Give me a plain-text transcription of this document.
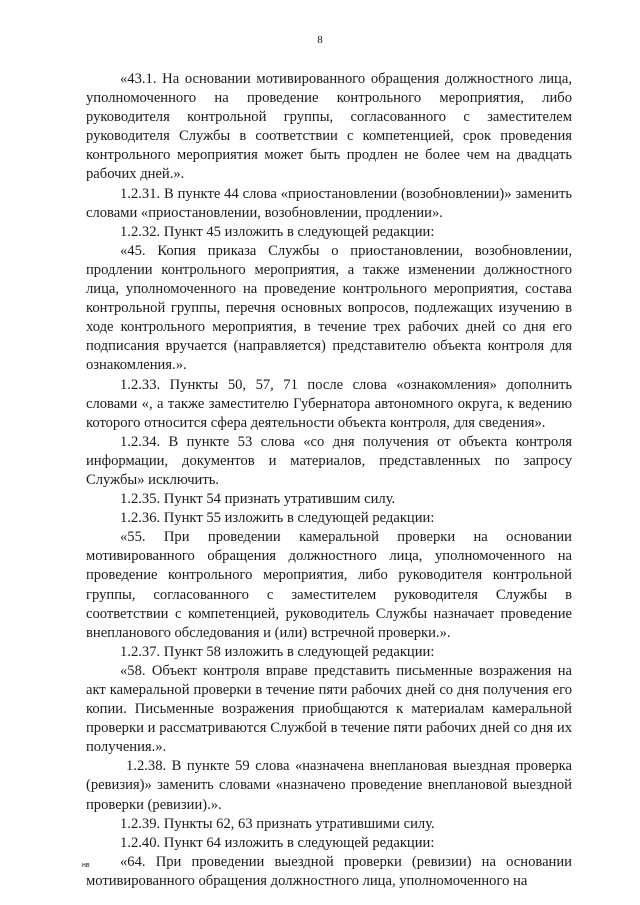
8

«43.1. На основании мотивированного обращения должностного лица, уполномоченного на проведение контрольного мероприятия, либо руководителя контрольной группы, согласованного с заместителем руководителя Службы в соответствии с компетенцией, срок проведения контрольного мероприятия может быть продлен не более чем на двадцать рабочих дней.».

1.2.31. В пункте 44 слова «приостановлении (возобновлении)» заменить словами «приостановлении, возобновлении, продлении».

1.2.32. Пункт 45 изложить в следующей редакции:

«45. Копия приказа Службы о приостановлении, возобновлении, продлении контрольного мероприятия, а также изменении должностного лица, уполномоченного на проведение контрольного мероприятия, состава контрольной группы, перечня основных вопросов, подлежащих изучению в ходе контрольного мероприятия, в течение трех рабочих дней со дня его подписания вручается (направляется) представителю объекта контроля для ознакомления.».

1.2.33. Пункты 50, 57, 71 после слова «ознакомления» дополнить словами «, а также заместителю Губернатора автономного округа, к ведению которого относится сфера деятельности объекта контроля, для сведения».

1.2.34. В пункте 53 слова «со дня получения от объекта контроля информации, документов и материалов, представленных по запросу Службы» исключить.

1.2.35. Пункт 54 признать утратившим силу.

1.2.36. Пункт 55 изложить в следующей редакции:

«55. При проведении камеральной проверки на основании мотивированного обращения должностного лица, уполномоченного на проведение контрольного мероприятия, либо руководителя контрольной группы, согласованного с заместителем руководителя Службы в соответствии с компетенцией, руководитель Службы назначает проведение внепланового обследования и (или) встречной проверки.».

1.2.37. Пункт 58 изложить в следующей редакции:

«58. Объект контроля вправе представить письменные возражения на акт камеральной проверки в течение пяти рабочих дней со дня получения его копии. Письменные возражения приобщаются к материалам камеральной проверки и рассматриваются Службой в течение пяти рабочих дней со дня их получения.».

1.2.38. В пункте 59 слова «назначена внеплановая выездная проверка (ревизия)» заменить словами «назначено проведение внеплановой выездной проверки (ревизии).».

1.2.39. Пункты 62, 63 признать утратившими силу.

1.2.40. Пункт 64 изложить в следующей редакции:

«64. При проведении выездной проверки (ревизии) на основании мотивированного обращения должностного лица, уполномоченного на

нв
